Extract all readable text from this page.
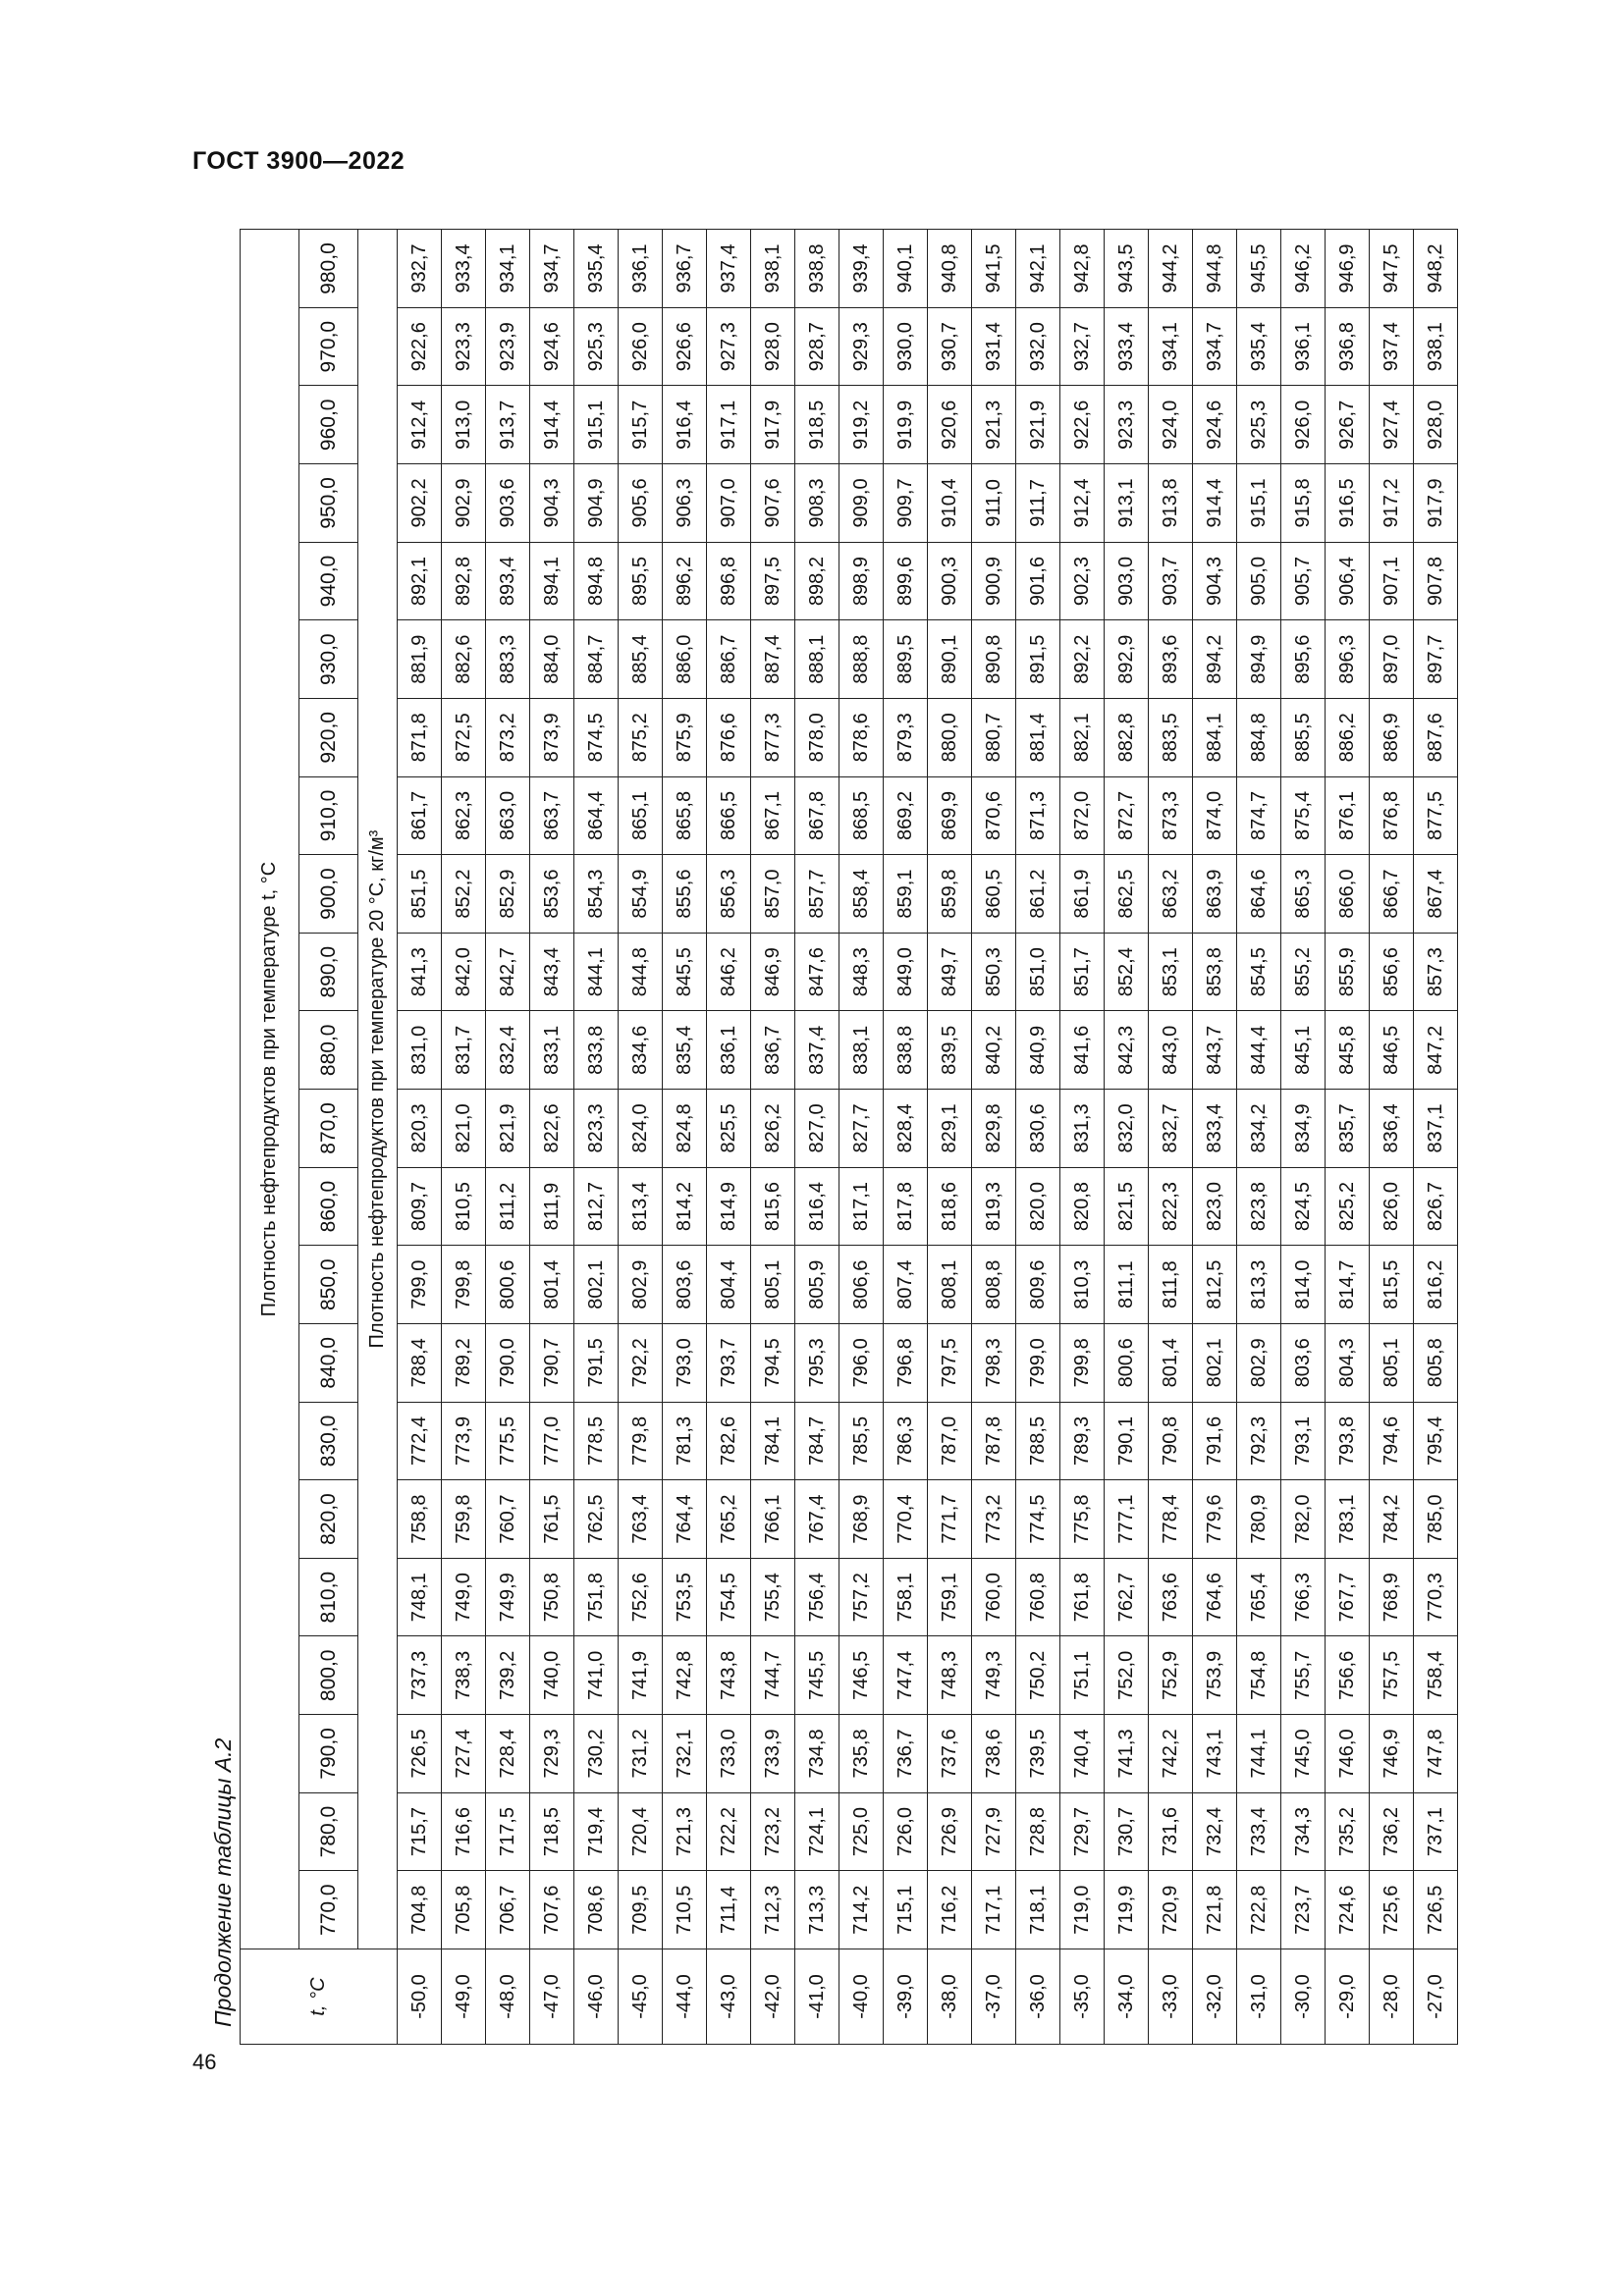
ГОСТ 3900—2022
Продолжение таблицы А.2
46
t, °C	Плотность нефтепродуктов при температуре t, °C																					
	770,0	780,0	790,0	800,0	810,0	820,0	830,0	840,0	850,0	860,0	870,0	880,0	890,0	900,0	910,0	920,0	930,0	940,0	950,0	960,0	970,0	980,0
	Плотность нефтепродуктов при температуре 20 °C, кг/м³																					
-50,0	704,8	715,7	726,5	737,3	748,1	758,8	772,4	788,4	799,0	809,7	820,3	831,0	841,3	851,5	861,7	871,8	881,9	892,1	902,2	912,4	922,6	932,7
-49,0	705,8	716,6	727,4	738,3	749,0	759,8	773,9	789,2	799,8	810,5	821,0	831,7	842,0	852,2	862,3	872,5	882,6	892,8	902,9	913,0	923,3	933,4
-48,0	706,7	717,5	728,4	739,2	749,9	760,7	775,5	790,0	800,6	811,2	821,9	832,4	842,7	852,9	863,0	873,2	883,3	893,4	903,6	913,7	923,9	934,1
-47,0	707,6	718,5	729,3	740,0	750,8	761,5	777,0	790,7	801,4	811,9	822,6	833,1	843,4	853,6	863,7	873,9	884,0	894,1	904,3	914,4	924,6	934,7
-46,0	708,6	719,4	730,2	741,0	751,8	762,5	778,5	791,5	802,1	812,7	823,3	833,8	844,1	854,3	864,4	874,5	884,7	894,8	904,9	915,1	925,3	935,4
-45,0	709,5	720,4	731,2	741,9	752,6	763,4	779,8	792,2	802,9	813,4	824,0	834,6	844,8	854,9	865,1	875,2	885,4	895,5	905,6	915,7	926,0	936,1
-44,0	710,5	721,3	732,1	742,8	753,5	764,4	781,3	793,0	803,6	814,2	824,8	835,4	845,5	855,6	865,8	875,9	886,0	896,2	906,3	916,4	926,6	936,7
-43,0	711,4	722,2	733,0	743,8	754,5	765,2	782,6	793,7	804,4	814,9	825,5	836,1	846,2	856,3	866,5	876,6	886,7	896,8	907,0	917,1	927,3	937,4
-42,0	712,3	723,2	733,9	744,7	755,4	766,1	784,1	794,5	805,1	815,6	826,2	836,7	846,9	857,0	867,1	877,3	887,4	897,5	907,6	917,9	928,0	938,1
-41,0	713,3	724,1	734,8	745,5	756,4	767,4	784,7	795,3	805,9	816,4	827,0	837,4	847,6	857,7	867,8	878,0	888,1	898,2	908,3	918,5	928,7	938,8
-40,0	714,2	725,0	735,8	746,5	757,2	768,9	785,5	796,0	806,6	817,1	827,7	838,1	848,3	858,4	868,5	878,6	888,8	898,9	909,0	919,2	929,3	939,4
-39,0	715,1	726,0	736,7	747,4	758,1	770,4	786,3	796,8	807,4	817,8	828,4	838,8	849,0	859,1	869,2	879,3	889,5	899,6	909,7	919,9	930,0	940,1
-38,0	716,2	726,9	737,6	748,3	759,1	771,7	787,0	797,5	808,1	818,6	829,1	839,5	849,7	859,8	869,9	880,0	890,1	900,3	910,4	920,6	930,7	940,8
-37,0	717,1	727,9	738,6	749,3	760,0	773,2	787,8	798,3	808,8	819,3	829,8	840,2	850,3	860,5	870,6	880,7	890,8	900,9	911,0	921,3	931,4	941,5
-36,0	718,1	728,8	739,5	750,2	760,8	774,5	788,5	799,0	809,6	820,0	830,6	840,9	851,0	861,2	871,3	881,4	891,5	901,6	911,7	921,9	932,0	942,1
-35,0	719,0	729,7	740,4	751,1	761,8	775,8	789,3	799,8	810,3	820,8	831,3	841,6	851,7	861,9	872,0	882,1	892,2	902,3	912,4	922,6	932,7	942,8
-34,0	719,9	730,7	741,3	752,0	762,7	777,1	790,1	800,6	811,1	821,5	832,0	842,3	852,4	862,5	872,7	882,8	892,9	903,0	913,1	923,3	933,4	943,5
-33,0	720,9	731,6	742,2	752,9	763,6	778,4	790,8	801,4	811,8	822,3	832,7	843,0	853,1	863,2	873,3	883,5	893,6	903,7	913,8	924,0	934,1	944,2
-32,0	721,8	732,4	743,1	753,9	764,6	779,6	791,6	802,1	812,5	823,0	833,4	843,7	853,8	863,9	874,0	884,1	894,2	904,3	914,4	924,6	934,7	944,8
-31,0	722,8	733,4	744,1	754,8	765,4	780,9	792,3	802,9	813,3	823,8	834,2	844,4	854,5	864,6	874,7	884,8	894,9	905,0	915,1	925,3	935,4	945,5
-30,0	723,7	734,3	745,0	755,7	766,3	782,0	793,1	803,6	814,0	824,5	834,9	845,1	855,2	865,3	875,4	885,5	895,6	905,7	915,8	926,0	936,1	946,2
-29,0	724,6	735,2	746,0	756,6	767,7	783,1	793,8	804,3	814,7	825,2	835,7	845,8	855,9	866,0	876,1	886,2	896,3	906,4	916,5	926,7	936,8	946,9
-28,0	725,6	736,2	746,9	757,5	768,9	784,2	794,6	805,1	815,5	826,0	836,4	846,5	856,6	866,7	876,8	886,9	897,0	907,1	917,2	927,4	937,4	947,5
-27,0	726,5	737,1	747,8	758,4	770,3	785,0	795,4	805,8	816,2	826,7	837,1	847,2	857,3	867,4	877,5	887,6	897,7	907,8	917,9	928,0	938,1	948,2
